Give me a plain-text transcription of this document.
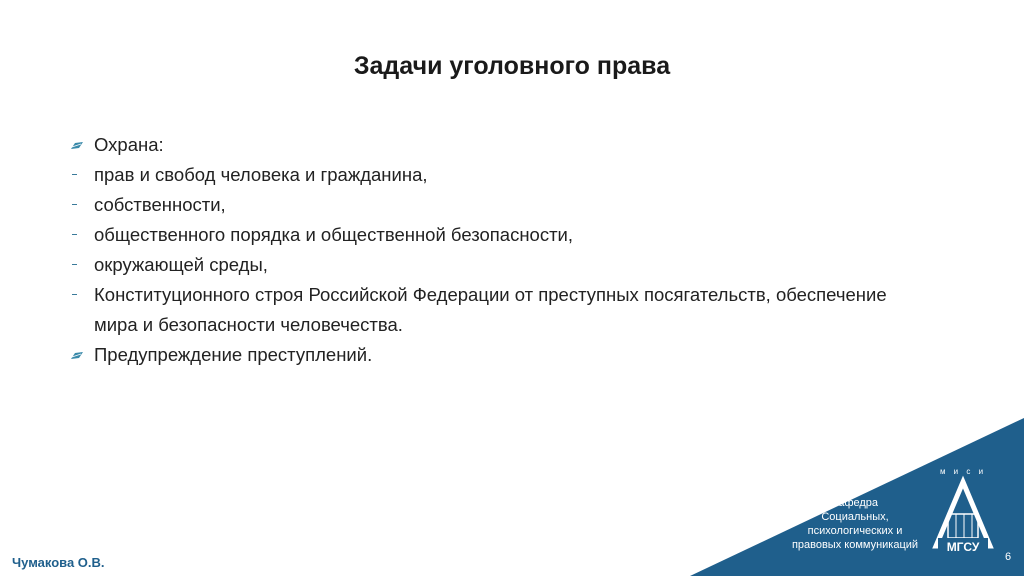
Задачи уголовного права
Охрана:
прав и свобод человека и гражданина,
собственности,
общественного порядка и общественной безопасности,
окружающей среды,
Конституционного строя Российской Федерации от преступных посягательств, обеспечение мира и безопасности человечества.
Предупреждение преступлений.
Кафедра
Социальных,
психологических и
правовых коммуникаций
м и с и
МГСУ
6
Чумакова О.В.
